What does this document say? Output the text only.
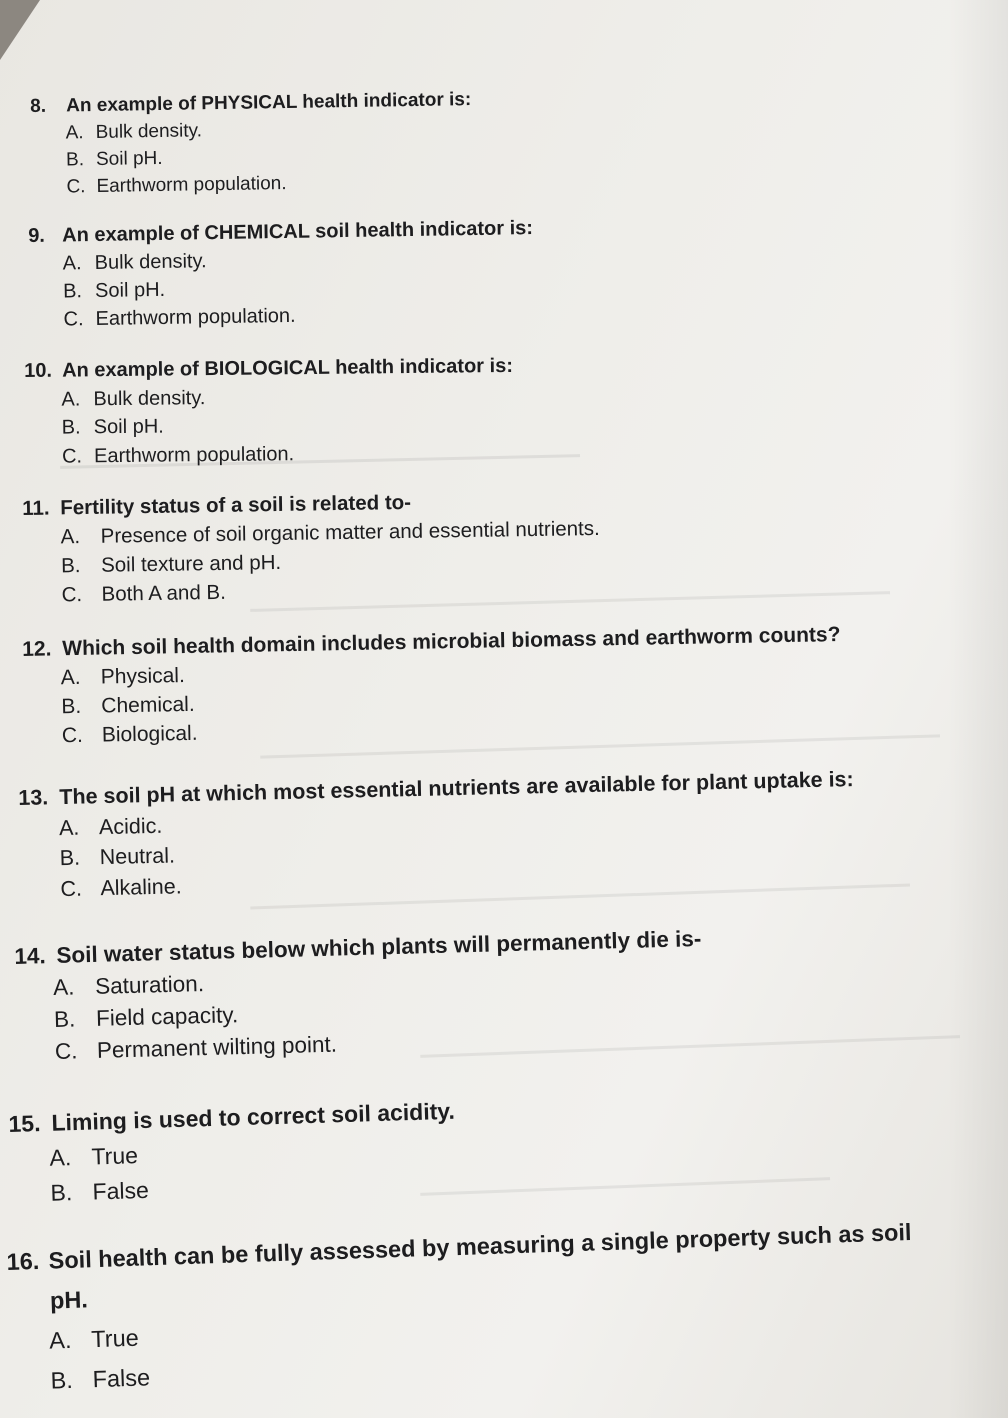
8. An example of PHYSICAL health indicator is:
A. Bulk density.
B. Soil pH.
C. Earthworm population.
9. An example of CHEMICAL soil health indicator is:
A. Bulk density.
B. Soil pH.
C. Earthworm population.
10. An example of BIOLOGICAL health indicator is:
A. Bulk density.
B. Soil pH.
C. Earthworm population.
11. Fertility status of a soil is related to-
A. Presence of soil organic matter and essential nutrients.
B. Soil texture and pH.
C. Both A and B.
12. Which soil health domain includes microbial biomass and earthworm counts?
A. Physical.
B. Chemical.
C. Biological.
13. The soil pH at which most essential nutrients are available for plant uptake is:
A. Acidic.
B. Neutral.
C. Alkaline.
14. Soil water status below which plants will permanently die is-
A. Saturation.
B. Field capacity.
C. Permanent wilting point.
15. Liming is used to correct soil acidity.
A. True
B. False
16. Soil health can be fully assessed by measuring a single property such as soil
pH.
A. True
B. False
